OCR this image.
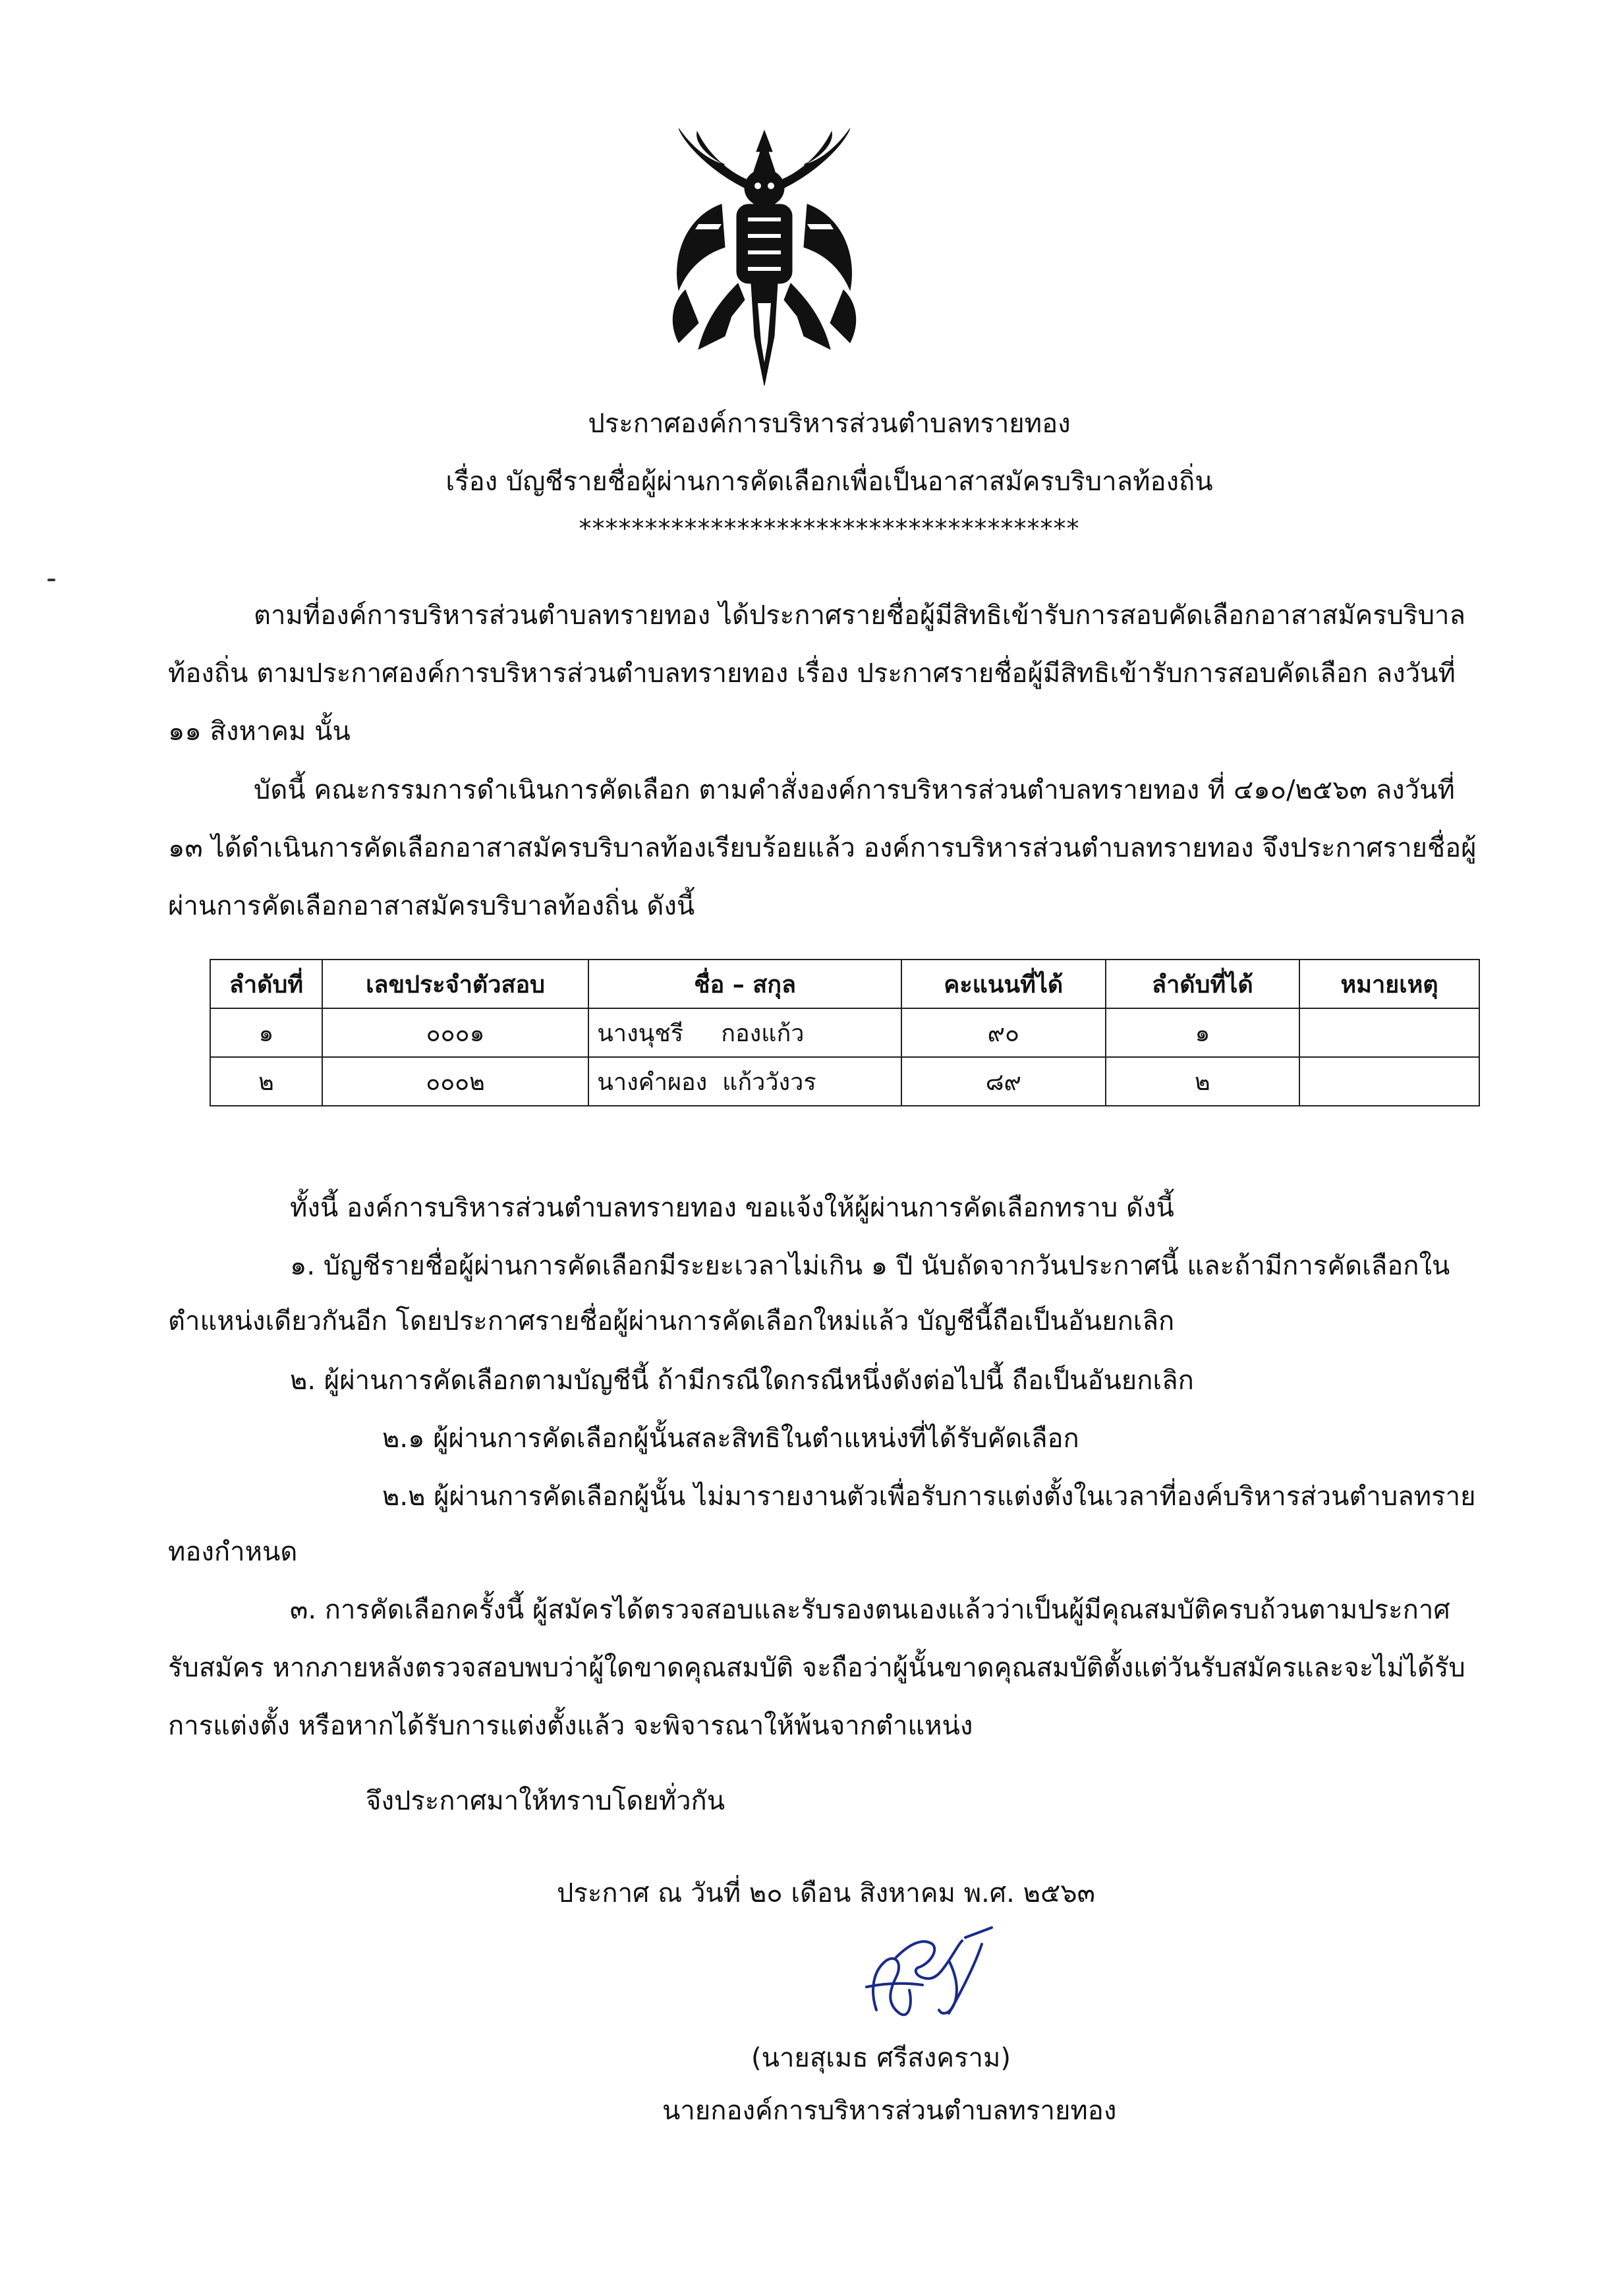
ประกาศองค์การบริหารส่วนตำบลทรายทอง
เรื่อง บัญชีรายชื่อผู้ผ่านการคัดเลือกเพื่อเป็นอาสาสมัครบริบาลท้องถิ่น
**************************************
ตามที่องค์การบริหารส่วนตำบลทรายทอง ได้ประกาศรายชื่อผู้มีสิทธิเข้ารับการสอบคัดเลือกอาสาสมัครบริบาลท้องถิ่น ตามประกาศองค์การบริหารส่วนตำบลทรายทอง เรื่อง ประกาศรายชื่อผู้มีสิทธิเข้ารับการสอบคัดเลือก ลงวันที่ ๑๑ สิงหาคม นั้น
บัดนี้ คณะกรรมการดำเนินการคัดเลือก ตามคำสั่งองค์การบริหารส่วนตำบลทรายทอง ที่ ๔๑๐/๒๕๖๓ ลงวันที่ ๑๓ ได้ดำเนินการคัดเลือกอาสาสมัครบริบาลท้องเรียบร้อยแล้ว องค์การบริหารส่วนตำบลทรายทอง จึงประกาศรายชื่อผู้ผ่านการคัดเลือกอาสาสมัครบริบาลท้องถิ่น ดังนี้
ลำดับที่	เลขประจำตัวสอบ	ชื่อ – สกุล	คะแนนที่ได้	ลำดับที่ได้	หมายเหตุ
๑	๐๐๐๑	นางนุชรี     กองแก้ว	๙๐	๑	
๒	๐๐๐๒	นางคำผอง  แก้ววังวร	๘๙	๒	
ทั้งนี้ องค์การบริหารส่วนตำบลทรายทอง ขอแจ้งให้ผู้ผ่านการคัดเลือกทราบ ดังนี้
๑. บัญชีรายชื่อผู้ผ่านการคัดเลือกมีระยะเวลาไม่เกิน ๑ ปี นับถัดจากวันประกาศนี้ และถ้ามีการคัดเลือกใน
ตำแหน่งเดียวกันอีก โดยประกาศรายชื่อผู้ผ่านการคัดเลือกใหม่แล้ว บัญชีนี้ถือเป็นอันยกเลิก
๒. ผู้ผ่านการคัดเลือกตามบัญชีนี้ ถ้ามีกรณีใดกรณีหนึ่งดังต่อไปนี้ ถือเป็นอันยกเลิก
๒.๑ ผู้ผ่านการคัดเลือกผู้นั้นสละสิทธิในตำแหน่งที่ได้รับคัดเลือก
๒.๒ ผู้ผ่านการคัดเลือกผู้นั้น ไม่มารายงานตัวเพื่อรับการแต่งตั้งในเวลาที่องค์บริหารส่วนตำบลทราย
ทองกำหนด
๓. การคัดเลือกครั้งนี้ ผู้สมัครได้ตรวจสอบและรับรองตนเองแล้วว่าเป็นผู้มีคุณสมบัติครบถ้วนตามประกาศ
รับสมัคร หากภายหลังตรวจสอบพบว่าผู้ใดขาดคุณสมบัติ จะถือว่าผู้นั้นขาดคุณสมบัติตั้งแต่วันรับสมัครและจะไม่ได้รับ
การแต่งตั้ง หรือหากได้รับการแต่งตั้งแล้ว จะพิจารณาให้พ้นจากตำแหน่ง
จึงประกาศมาให้ทราบโดยทั่วกัน
ประกาศ ณ วันที่ ๒๐ เดือน สิงหาคม พ.ศ. ๒๕๖๓
(นายสุเมธ ศรีสงคราม)
นายกองค์การบริหารส่วนตำบลทรายทอง
